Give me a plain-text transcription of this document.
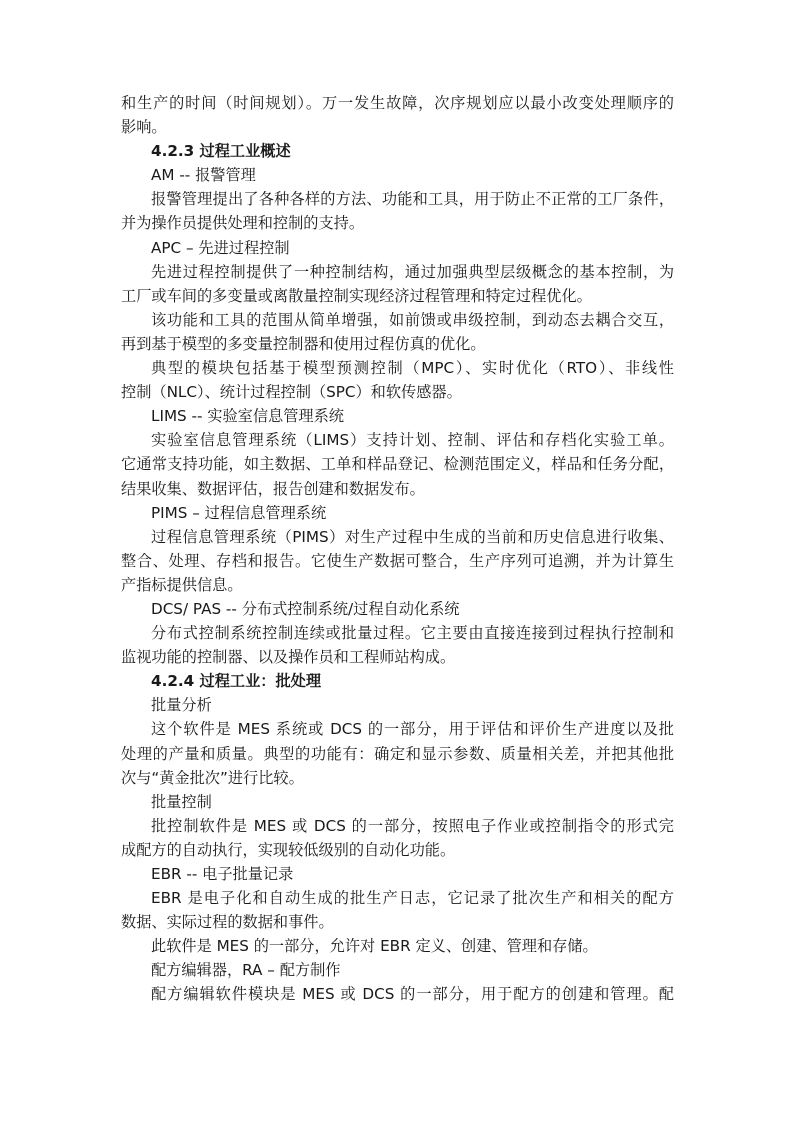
和生产的时间（时间规划）。万一发生故障，次序规划应以最小改变处理顺序的
影响。
4.2.3 过程工业概述
AM -- 报警管理
报警管理提出了各种各样的方法、功能和工具，用于防止不正常的工厂条件，
并为操作员提供处理和控制的支持。
APC – 先进过程控制
先进过程控制提供了一种控制结构，通过加强典型层级概念的基本控制，为
工厂或车间的多变量或离散量控制实现经济过程管理和特定过程优化。
该功能和工具的范围从简单增强，如前馈或串级控制，到动态去耦合交互，
再到基于模型的多变量控制器和使用过程仿真的优化。
典型的模块包括基于模型预测控制（MPC）、实时优化（RTO）、非线性
控制（NLC）、统计过程控制（SPC）和软传感器。
LIMS -- 实验室信息管理系统
实验室信息管理系统（LIMS）支持计划、控制、评估和存档化实验工单。
它通常支持功能，如主数据、工单和样品登记、检测范围定义，样品和任务分配，
结果收集、数据评估，报告创建和数据发布。
PIMS – 过程信息管理系统
过程信息管理系统（PIMS）对生产过程中生成的当前和历史信息进行收集、
整合、处理、存档和报告。它使生产数据可整合，生产序列可追溯，并为计算生
产指标提供信息。
DCS/ PAS -- 分布式控制系统/过程自动化系统
分布式控制系统控制连续或批量过程。它主要由直接连接到过程执行控制和
监视功能的控制器、以及操作员和工程师站构成。
4.2.4 过程工业：批处理
批量分析
这个软件是 MES 系统或 DCS 的一部分，用于评估和评价生产进度以及批
处理的产量和质量。典型的功能有：确定和显示参数、质量相关差，并把其他批
次与“黄金批次”进行比较。
批量控制
批控制软件是 MES 或 DCS 的一部分，按照电子作业或控制指令的形式完
成配方的自动执行，实现较低级别的自动化功能。
EBR -- 电子批量记录
EBR 是电子化和自动生成的批生产日志，它记录了批次生产和相关的配方
数据、实际过程的数据和事件。
此软件是 MES 的一部分，允许对 EBR 定义、创建、管理和存储。
配方编辑器，RA – 配方制作
配方编辑软件模块是 MES 或 DCS 的一部分，用于配方的创建和管理。配
